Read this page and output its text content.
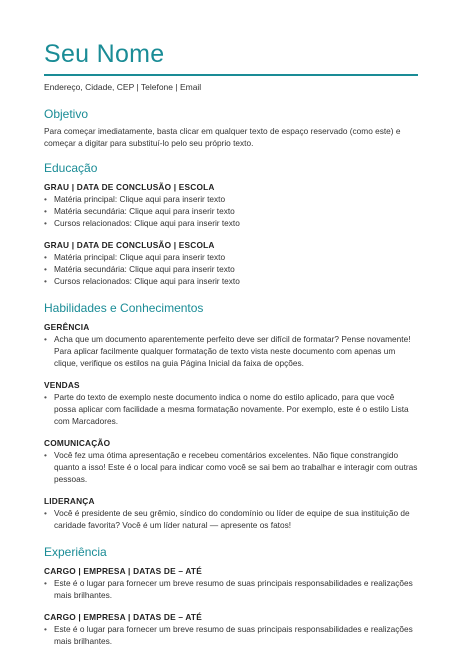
Seu Nome
Endereço, Cidade, CEP | Telefone | Email
Objetivo

Para começar imediatamente, basta clicar em qualquer texto de espaço reservado (como este) e começar a digitar para substituí-lo pelo seu próprio texto.

Educação

GRAU | DATA DE CONCLUSÃO | ESCOLA

• Matéria principal: Clique aqui para inserir texto
• Matéria secundária: Clique aqui para inserir texto
• Cursos relacionados: Clique aqui para inserir texto

GRAU | DATA DE CONCLUSÃO | ESCOLA

• Matéria principal: Clique aqui para inserir texto
• Matéria secundária: Clique aqui para inserir texto
• Cursos relacionados: Clique aqui para inserir texto
Habilidades e Conhecimentos

GERÊNCIA

• Acha que um documento aparentemente perfeito deve ser difícil de formatar? Pense novamente! Para aplicar facilmente qualquer formatação de texto vista neste documento com apenas um clique, verifique os estilos na guia Página Inicial da faixa de opções.

VENDAS

• Parte do texto de exemplo neste documento indica o nome do estilo aplicado, para que você possa aplicar com facilidade a mesma formatação novamente. Por exemplo, este é o estilo Lista com Marcadores.

COMUNICAÇÃO

• Você fez uma ótima apresentação e recebeu comentários excelentes. Não fique constrangido quanto a isso! Este é o local para indicar como você se sai bem ao trabalhar e interagir com outras pessoas.

LIDERANÇA

• Você é presidente de seu grêmio, síndico do condomínio ou líder de equipe de sua instituição de caridade favorita? Você é um líder natural — apresente os fatos!
Experiência

CARGO | EMPRESA | DATAS DE – ATÉ

• Este é o lugar para fornecer um breve resumo de suas principais responsabilidades e realizações mais brilhantes.

CARGO | EMPRESA | DATAS DE – ATÉ

• Este é o lugar para fornecer um breve resumo de suas principais responsabilidades e realizações mais brilhantes.
